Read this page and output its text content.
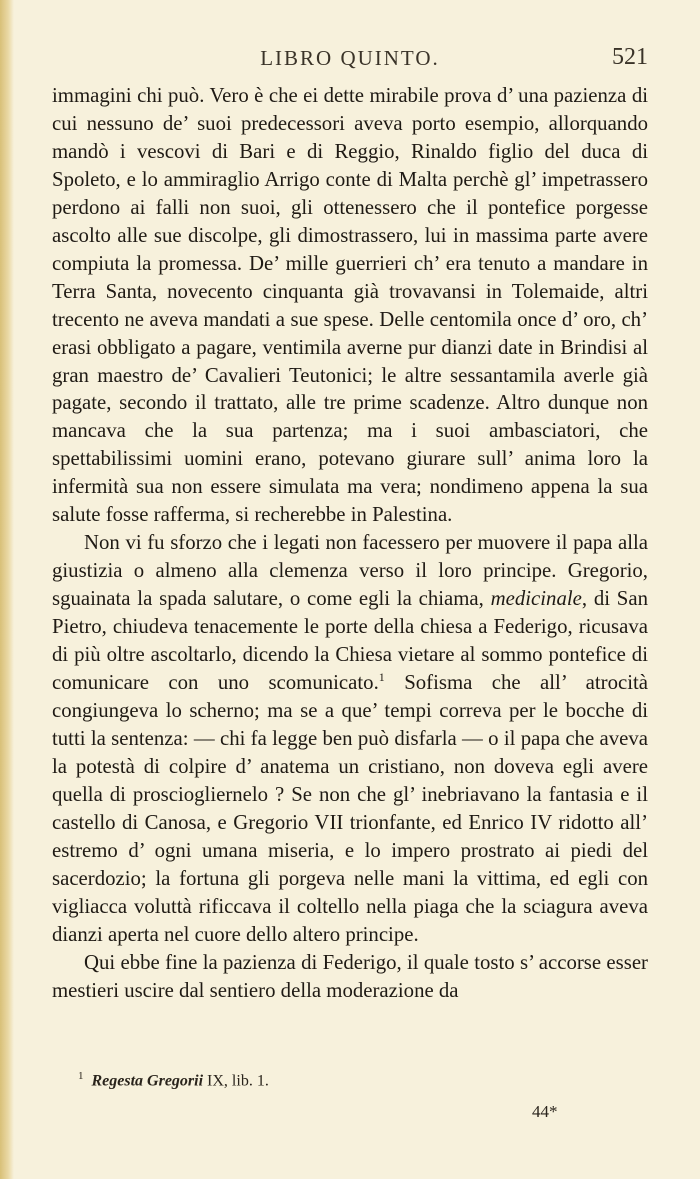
LIBRO QUINTO.	521

immagini chi può. Vero è che ei dette mirabile prova d’ una pazienza di cui nessuno de’ suoi predecessori aveva porto esempio, allorquando mandò i vescovi di Bari e di Reggio, Rinaldo figlio del duca di Spoleto, e lo ammiraglio Arrigo conte di Malta perchè gl’ impetrassero perdono ai falli non suoi, gli ottenessero che il pontefice porgesse ascolto alle sue discolpe, gli dimostrassero, lui in massima parte avere compiuta la promessa. De’ mille guerrieri ch’ era tenuto a mandare in Terra Santa, novecento cinquanta già trovavansi in Tolemaide, altri trecento ne aveva mandati a sue spese. Delle centomila once d’ oro, ch’ erasi obbligato a pagare, ventimila averne pur dianzi date in Brindisi al gran maestro de’ Cavalieri Teutonici; le altre sessantamila averle già pagate, secondo il trattato, alle tre prime scadenze. Altro dunque non mancava che la sua partenza; ma i suoi ambasciatori, che spettabilissimi uomini erano, potevano giurare sull’ anima loro la infermità sua non essere simulata ma vera; nondimeno appena la sua salute fosse rafferma, si recherebbe in Palestina.

Non vi fu sforzo che i legati non facessero per muovere il papa alla giustizia o almeno alla clemenza verso il loro principe. Gregorio, sguainata la spada salutare, o come egli la chiama, medicinale, di San Pietro, chiudeva tenacemente le porte della chiesa a Federigo, ricusava di più oltre ascoltarlo, dicendo la Chiesa vietare al sommo pontefice di comunicare con uno scomunicato.$^1$ Sofisma che all’ atrocità congiungeva lo scherno; ma se a que’ tempi correva per le bocche di tutti la sentenza: — chi fa legge ben può disfarla — o il papa che aveva la potestà di colpire d’ anatema un cristiano, non doveva egli avere quella di prosciogliernelo ? Se non che gl’ inebriavano la fantasia e il castello di Canosa, e Gregorio VII trionfante, ed Enrico IV ridotto all’ estremo d’ ogni umana miseria, e lo impero prostrato ai piedi del sacerdozio; la fortuna gli porgeva nelle mani la vittima, ed egli con vigliacca voluttà rificcava il coltello nella piaga che la sciagura aveva dianzi aperta nel cuore dello altero principe.

Qui ebbe fine la pazienza di Federigo, il quale tosto s’ accorse esser mestieri uscire dal sentiero della moderazione da

$^1$ Regesta Gregorii IX, lib. 1.
44*
